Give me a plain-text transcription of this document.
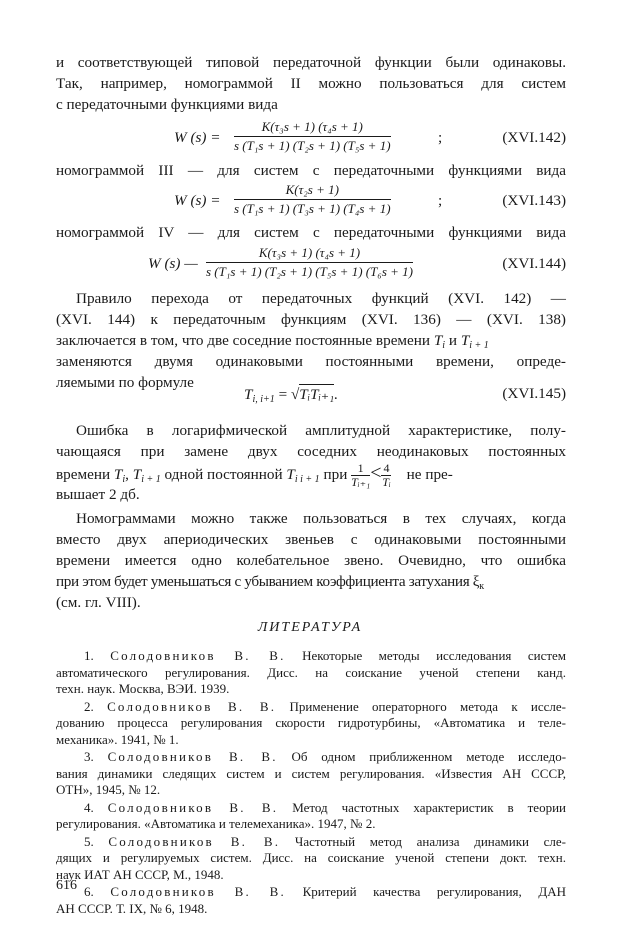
и соответствующей типовой передаточной функции были одинаковы.

Так, например, номограммой II можно пользоваться для систем

с передаточными функциями вида

W $(s) = \frac{\text{K(τ₃s + 1) (τ₄s + 1)}}{\text{s (T₁s + 1) (T₂s + 1) (T₅s + 1)}}$	;	(XVI.142)

номограммой III — для систем с передаточными функциями вида

W $(s) = \frac{\text{K(τ₂s + 1)}}{\text{s (T₁s + 1) (T₃s + 1) (T₄s + 1)}}$	;	(XVI.143)

номограммой IV — для систем с передаточными функциями вида

W (s) — $\frac{\text{K(τ₃s + 1) (τ₄s + 1)}}{\text{s (T₁s + 1) (T₂s + 1) (T₅s + 1) (T₆s + 1)}}$	(XVI.144)

Правило перехода от передаточных функций (XVI. 142) —

(XVI. 144) к передаточным функциям (XVI. 136) — (XVI. 138)

заключается в том, что две соседние постоянные времени $T_i$ и $T_{i + 1}$

заменяются двумя одинаковыми постоянными времени, опреде-

ляемыми по формуле

$T_{i, i+1}$ = √TᵢTᵢ₊₁.	(XVI.145)

Ошибка в логарифмической амплитудной характеристике, полу-

чающаяся при замене двух соседних неодинаковых постоянных

времени $T_i$, $T_{i + 1}$ одной постоянной $T_{i i + 1}$ при $\frac{1}{\text{Tᵢ₊₁}} < \frac{4}{\text{Tᵢ}}$ не пре-

вышает 2 дб.

Номограммами можно также пользоваться в тех случаях, когда

вместо двух апериодических звеньев с одинаковыми постоянными

времени имеется одно колебательное звено. Очевидно, что ошибка

при этом будет уменьшаться с убыванием коэффициента затухания $\xi_к$

(см. гл. VIII).

ЛИТЕРАТУРА
1. Солодовников В. В. Некоторые методы исследования систем
автоматического регулирования. Дисс. на соискание ученой степени канд.
техн. наук. Москва, ВЭИ. 1939.
2. Солодовников В. В. Применение операторного метода к иссле-
дованию процесса регулирования скорости гидротурбины, «Автоматика и теле-
механика». 1941, № 1.
3. Солодовников В. В. Об одном приближенном методе исследо-
вания динамики следящих систем и систем регулирования. «Известия АН СССР,
ОТН», 1945, № 12.
4. Солодовников В. В. Метод частотных характеристик в теории
регулирования. «Автоматика и телемеханика». 1947, № 2.
5. Солодовников В. В. Частотный метод анализа динамики сле-
дящих и регулируемых систем. Дисс. на соискание ученой степени докт. техн.
наук ИАТ АН СССР, М., 1948.
6. Солодовников В. В. Критерий качества регулирования, ДАН
АН СССР. Т. IX, № 6, 1948.
616
